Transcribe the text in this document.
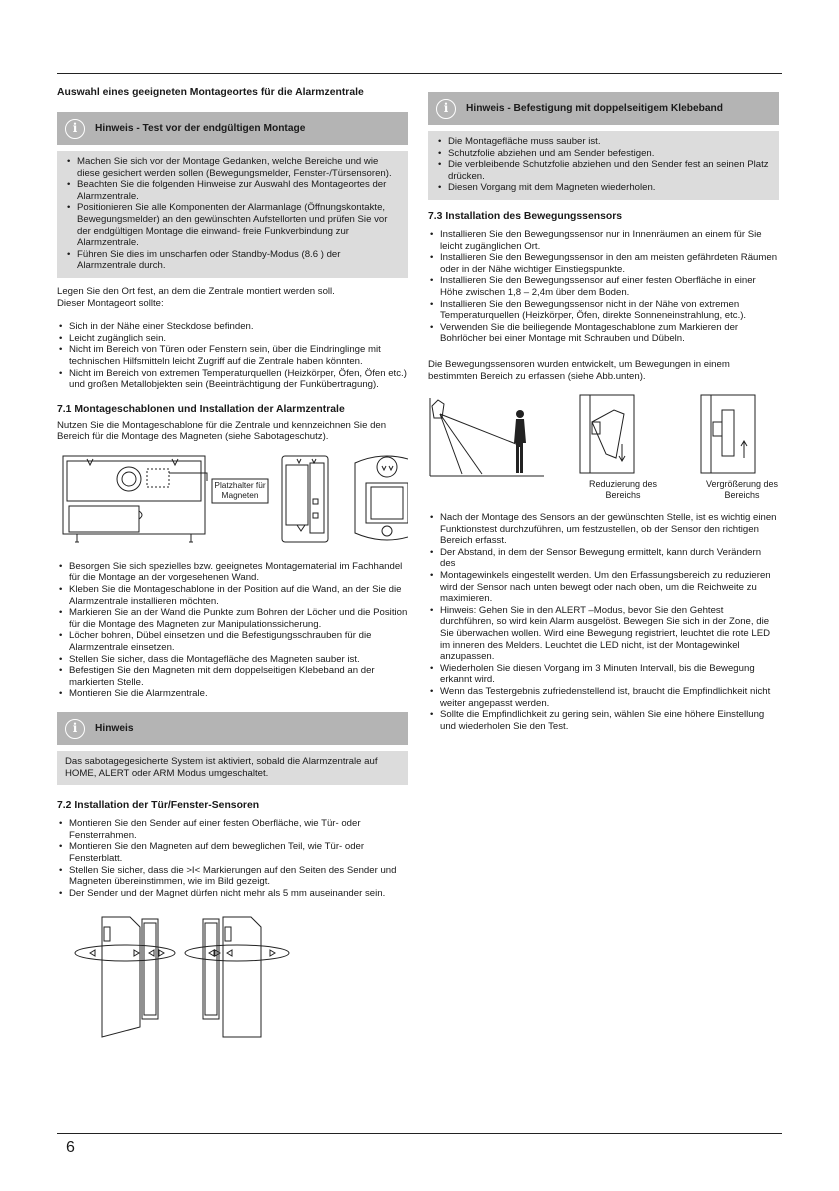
Auswahl eines geeigneten Montageortes für die Alarmzentrale
i	Hinweis - Test vor der endgültigen Montage
• Machen Sie sich vor der Montage Gedanken, welche Bereiche und wie diese gesichert werden sollen (Bewegungsmelder, Fenster-/Türsensoren).
• Beachten Sie die folgenden Hinweise zur Auswahl des Montageortes der Alarmzentrale.
• Positionieren Sie alle Komponenten der Alarmanlage (Öffnungskontakte, Bewegungsmelder) an den gewünschten Aufstellorten und prüfen Sie vor der endgültigen Montage die einwand- freie Funkverbindung zur Alarmzentrale.
• Führen Sie dies im unscharfen oder Standby-Modus (8.6 ) der Alarmzentrale durch.

Legen Sie den Ort fest, an dem die Zentrale montiert werden soll. Dieser Montageort sollte:

• Sich in der Nähe einer Steckdose befinden.
• Leicht zugänglich sein.
• Nicht im Bereich von Türen oder Fenstern sein, über die Eindringlinge mit technischen Hilfsmitteln leicht Zugriff auf die Zentrale haben könnten.
• Nicht im Bereich von extremen Temperaturquellen (Heizkörper, Öfen, Öfen etc.) und großen Metallobjekten sein (Beeinträchtigung der Funkübertragung).
7.1 Montageschablonen und Installation der Alarmzentrale

Nutzen Sie die Montageschablone für die Zentrale und kennzeichnen Sie den Bereich für die Montage des Magneten (siehe Sabotageschutz).

Platzhalter für Magneten
• Besorgen Sie sich spezielles bzw. geeignetes Montagematerial im Fachhandel für die Montage an der vorgesehenen Wand.
• Kleben Sie die Montageschablone in der Position auf die Wand, an der Sie die Alarmzentrale installieren möchten.
• Markieren Sie an der Wand die Punkte zum Bohren der Löcher und die Position für die Montage des Magneten zur Manipulationssicherung.
• Löcher bohren, Dübel einsetzen und die Befestigungsschrauben für die Alarmzentrale einsetzen.
• Stellen Sie sicher, dass die Montagefläche des Magneten sauber ist.
• Befestigen Sie den Magneten mit dem doppelseitigen Klebeband an der markierten Stelle.
• Montieren Sie die Alarmzentrale.
i	Hinweis

Das sabotagegesicherte System ist aktiviert, sobald die Alarmzentrale auf HOME, ALERT oder ARM Modus umgeschaltet.

7.2 Installation der Tür/Fenster-Sensoren
• Montieren Sie den Sender auf einer festen Oberfläche, wie Tür- oder Fensterrahmen.
• Montieren Sie den Magneten auf dem beweglichen Teil, wie Tür- oder Fensterblatt.
• Stellen Sie sicher, dass die >I< Markierungen auf den Seiten des Sender und Magneten übereinstimmen, wie im Bild gezeigt.
• Der Sender und der Magnet dürfen nicht mehr als 5 mm auseinander sein.
i	Hinweis - Befestigung mit doppelseitigem Klebeband
• Die Montagefläche muss sauber ist.
• Schutzfolie abziehen und am Sender befestigen.
• Die verbleibende Schutzfolie abziehen und den Sender fest an seinen Platz drücken.
• Diesen Vorgang mit dem Magneten wiederholen.
7.3 Installation des Bewegungssensors
• Installieren Sie den Bewegungssensor nur in Innenräumen an einem für Sie leicht zugänglichen Ort.
• Installieren Sie den Bewegungssensor in den am meisten gefährdeten Räumen oder in der Nähe wichtiger Einstiegspunkte.
• Installieren Sie den Bewegungssensor auf einer festen Oberfläche in einer Höhe zwischen 1,8 – 2,4m über dem Boden.
• Installieren Sie den Bewegungssensor nicht in der Nähe von extremen Temperaturquellen (Heizkörper, Öfen, direkte Sonneneinstrahlung, etc.).
• Verwenden Sie die beiliegende Montageschablone zum Markieren der Bohrlöcher bei einer Montage mit Schrauben und Dübeln.

Die Bewegungssensoren wurden entwickelt, um Bewegungen in einem bestimmten Bereich zu erfassen (siehe Abb.unten).

Reduzierung des Bereichs
Vergrößerung des Bereichs
• Nach der Montage des Sensors an der gewünschten Stelle, ist es wichtig einen Funktionstest durchzuführen, um festzustellen, ob der Sensor den richtigen Bereich erfasst.
• Der Abstand, in dem der Sensor Bewegung ermittelt, kann durch Verändern des
• Montagewinkels eingestellt werden. Um den Erfassungsbereich zu reduzieren wird der Sensor nach unten bewegt oder nach oben, um die Reichweite zu maximieren.
• Hinweis: Gehen Sie in den ALERT –Modus, bevor Sie den Gehtest durchführen, so wird kein Alarm ausgelöst. Bewegen Sie sich in der Zone, die Sie überwachen wollen. Wird eine Bewegung registriert, leuchtet die rote LED im inneren des Melders. Leuchtet die LED nicht, ist der Montagewinkel anzupassen.
• Wiederholen Sie diesen Vorgang im 3 Minuten Intervall, bis die Bewegung erkannt wird.
• Wenn das Testergebnis zufriedenstellend ist, braucht die Empfindlichkeit nicht weiter angepasst werden.
• Sollte die Empfindlichkeit zu gering sein, wählen Sie eine höhere Einstellung und wiederholen Sie den Test.
6
